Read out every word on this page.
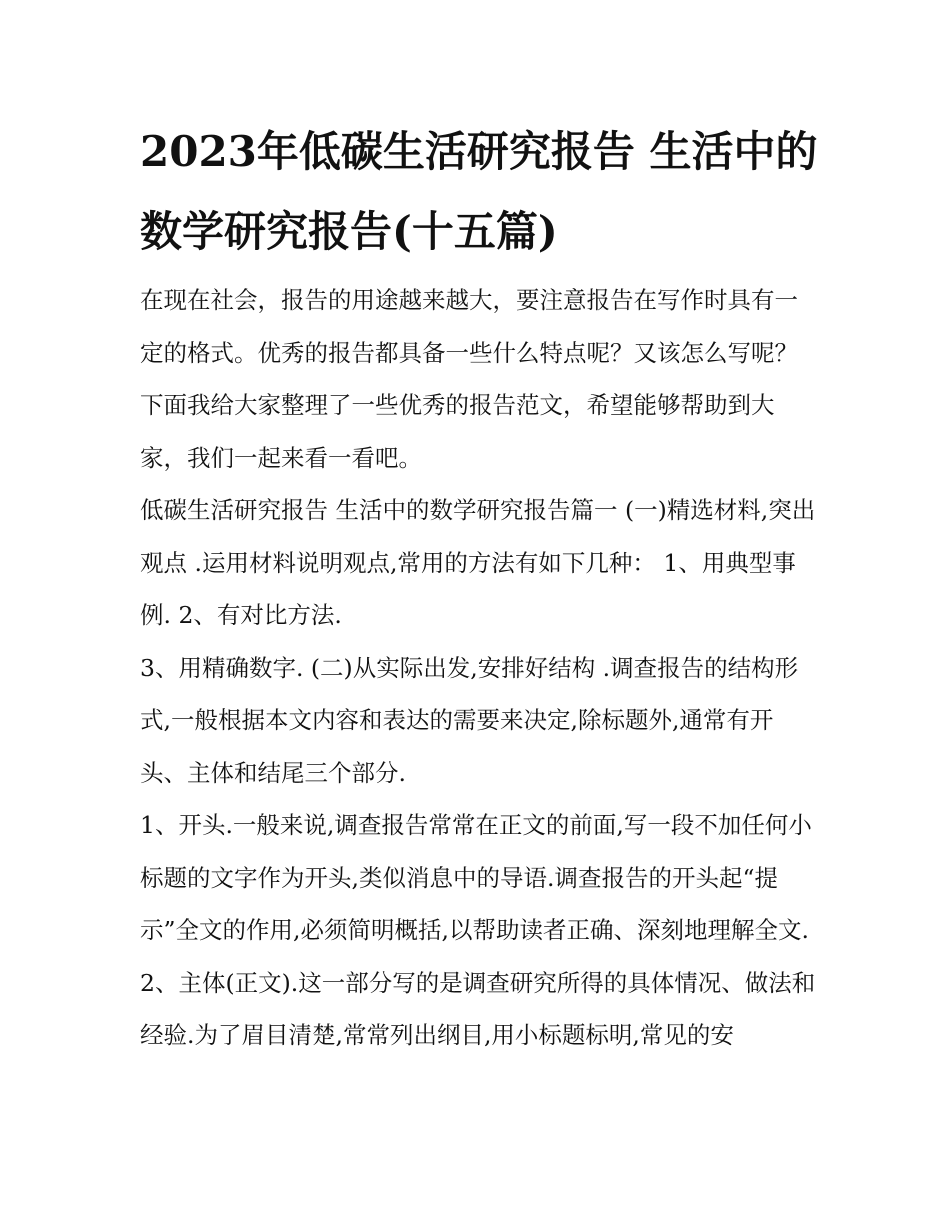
2023年低碳生活研究报告 生活中的数学研究报告(十五篇)

在现在社会，报告的用途越来越大，要注意报告在写作时具有一定的格式。优秀的报告都具备一些什么特点呢？又该怎么写呢？下面我给大家整理了一些优秀的报告范文，希望能够帮助到大家，我们一起来看一看吧。

低碳生活研究报告 生活中的数学研究报告篇一 (一)精选材料,突出观点 .运用材料说明观点,常用的方法有如下几种： 1、用典型事例. 2、有对比方法.

3、用精确数字. (二)从实际出发,安排好结构 .调查报告的结构形式,一般根据本文内容和表达的需要来决定,除标题外,通常有开头、主体和结尾三个部分.

1、开头.一般来说,调查报告常常在正文的前面,写一段不加任何小标题的文字作为开头,类似消息中的导语.调查报告的开头起“提示”全文的作用,必须简明概括,以帮助读者正确、深刻地理解全文.

2、主体(正文).这一部分写的是调查研究所得的具体情况、做法和经验.为了眉目清楚,常常列出纲目,用小标题标明,常见的安
